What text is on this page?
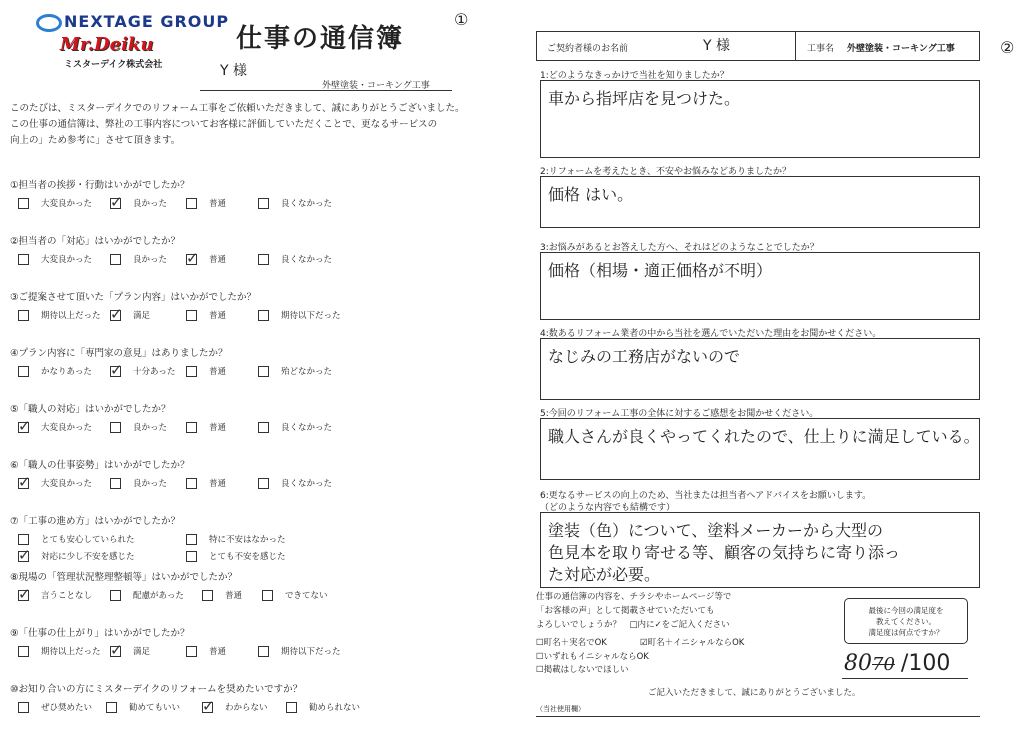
NEXTAGE GROUP
Mr.Deiku
ミスターデイク株式会社
仕事の通信簿
①
Y 様
外壁塗装・コーキング工事
このたびは、ミスターデイクでのリフォーム工事をご依頼いただきまして、誠にありがとうございました。
この仕事の通信簿は、弊社の工事内容についてお客様に評価していただくことで、更なるサービスの
向上の」ため参考に」させて頂きます。
①担当者の挨拶・行動はいかがでしたか？
大変良かった ✓	良かった	普通	良くなかった
②担当者の「対応」はいかがでしたか？
大変良かった	良かった ✓	普通	良くなかった
③ご提案させて頂いた「プラン内容」はいかがでしたか？
期待以上だった ✓	満足	普通	期待以下だった
④プラン内容に「専門家の意見」はありましたか？
かなりあった ✓	十分あった	普通	殆どなかった
⑤「職人の対応」はいかがでしたか？
✓
大変良かった	良かった	普通	良くなかった
⑥「職人の仕事姿勢」はいかがでしたか？
✓
大変良かった	良かった	普通	良くなかった
⑦「工事の進め方」はいかがでしたか？
とても安心していられた	特に不安はなかった
✓
対応に少し不安を感じた	とても不安を感じた
⑧現場の「管理状況整理整頓等」はいかがでしたか？
✓
言うことなし	配慮があった	普通	できてない
⑨「仕事の仕上がり」はいかがでしたか？
期待以上だった ✓	満足	普通	期待以下だった
⑩お知り合いの方にミスターデイクのリフォームを奨めたいですか？
ぜひ奨めたい	勧めてもいい ✓	わからない	勧められない
②
ご契約者様のお名前	Y 様	工事名 外壁塗装・コーキング工事
1:どのようなきっかけで当社を知りましたか？
車から指坪店を見つけた。
2:リフォームを考えたとき、不安やお悩みなどありましたか？
価格 はい。
3:お悩みがあるとお答えした方へ、それはどのようなことでしたか？
価格（相場・適正価格が不明）
4:数あるリフォーム業者の中から当社を選んでいただいた理由をお聞かせください。
なじみの工務店がないので
5:今回のリフォーム工事の全体に対するご感想をお聞かせください。
職人さんが良くやってくれたので、仕上りに満足している。
6:更なるサービスの向上のため、当社または担当者へアドバイスをお願いします。
（どのような内容でも結構です）
塗装（色）について、塗料メーカーから大型の
色見本を取り寄せる等、顧客の気持ちに寄り添っ
た対応が必要。
仕事の通信簿の内容を、チラシやホームページ等で
「お客様の声」として掲載させていただいても
よろしいでしょうか？　□内に✓をご記入ください
☐町名＋実名でOK	☑町名＋イニシャルならOK
☐いずれもイニシャルならOK
☐掲載はしないでほしい
最後に今回の満足度を
教えてください。
満足度は何点ですか？
8070 /100
ご記入いただきまして、誠にありがとうございました。
（当社使用欄）
